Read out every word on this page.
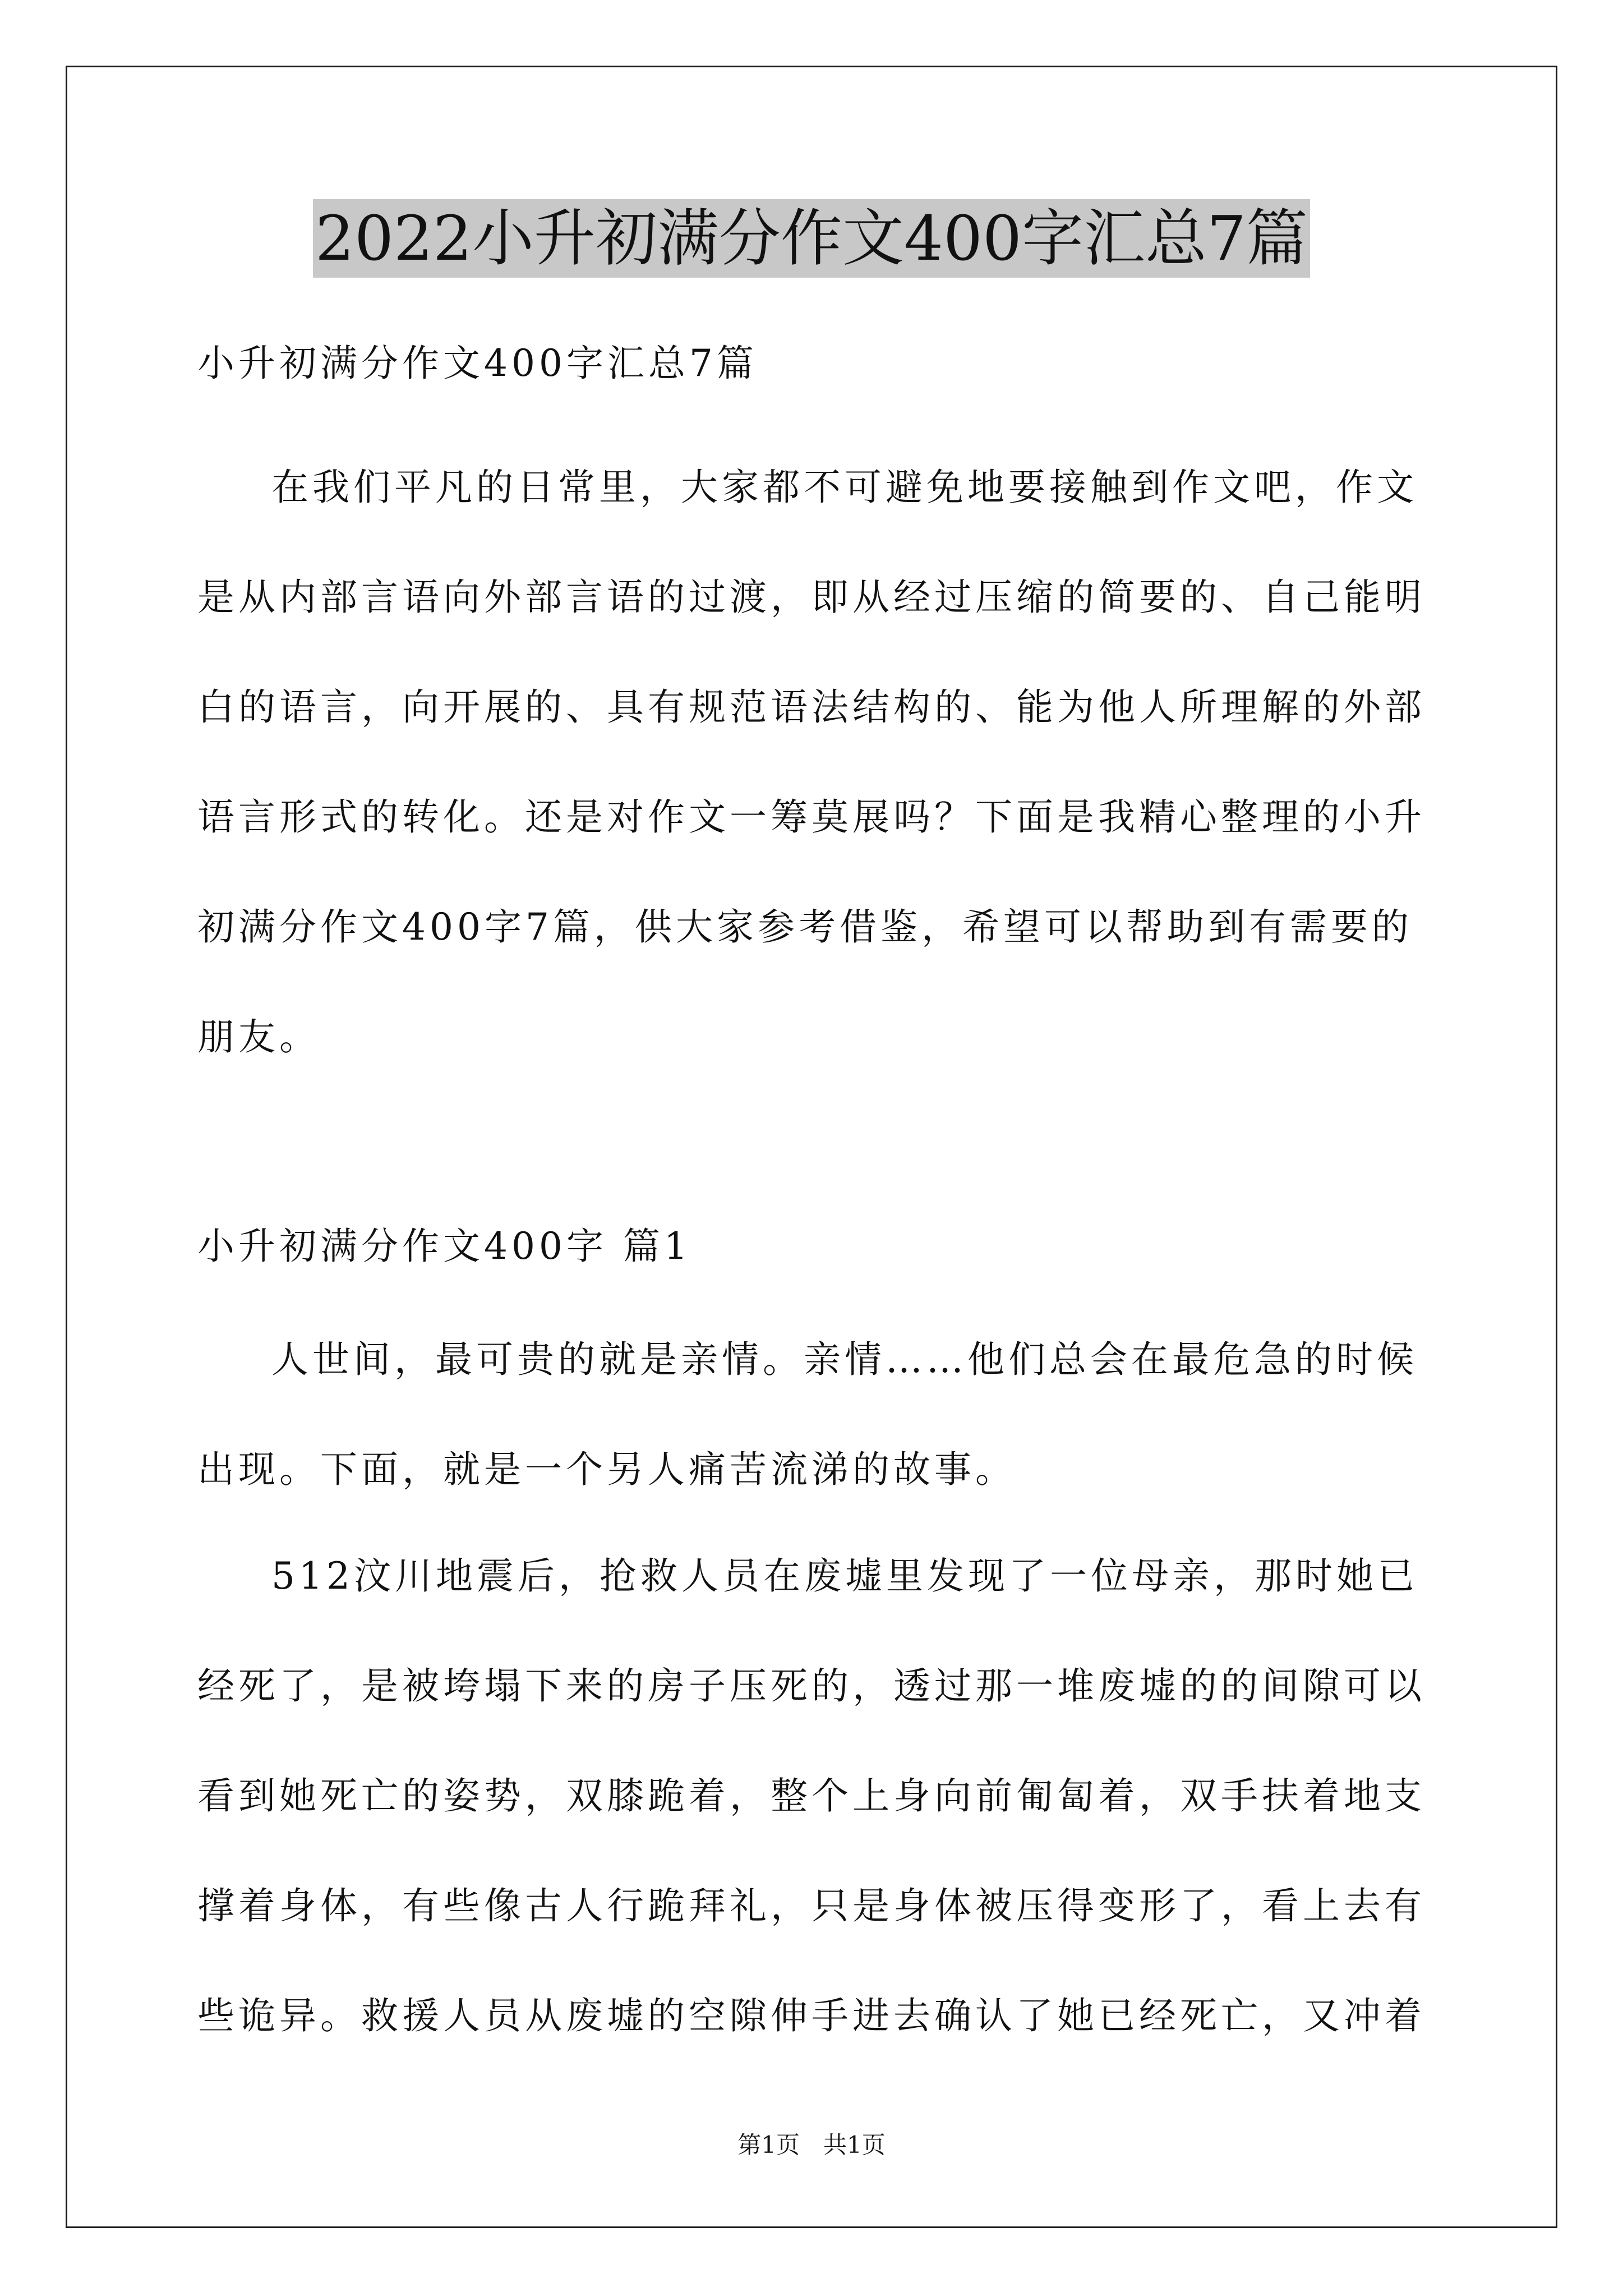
2022小升初满分作文400字汇总7篇
小升初满分作文400字汇总7篇
在我们平凡的日常里，大家都不可避免地要接触到作文吧，作文是从内部言语向外部言语的过渡，即从经过压缩的简要的、自己能明白的语言，向开展的、具有规范语法结构的、能为他人所理解的外部语言形式的转化。还是对作文一筹莫展吗？下面是我精心整理的小升初满分作文400字7篇，供大家参考借鉴，希望可以帮助到有需要的朋友。
小升初满分作文400字 篇1
人世间，最可贵的就是亲情。亲情……他们总会在最危急的时候出现。下面，就是一个另人痛苦流涕的故事。
512汶川地震后，抢救人员在废墟里发现了一位母亲，那时她已经死了，是被垮塌下来的房子压死的，透过那一堆废墟的的间隙可以看到她死亡的姿势，双膝跪着，整个上身向前匍匐着，双手扶着地支撑着身体，有些像古人行跪拜礼，只是身体被压得变形了，看上去有些诡异。救援人员从废墟的空隙伸手进去确认了她已经死亡，又冲着
第1页　共1页
